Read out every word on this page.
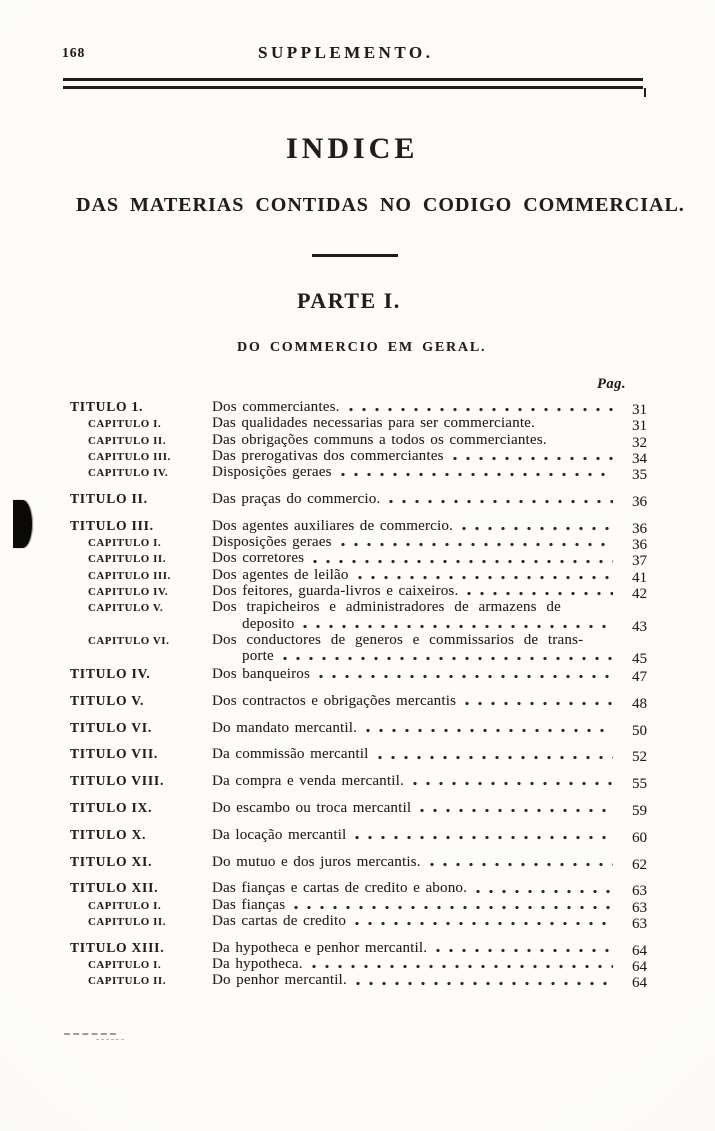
168	SUPPLEMENTO.
INDICE
DAS MATERIAS CONTIDAS NO CODIGO COMMERCIAL.
PARTE I.
DO COMMERCIO EM GERAL.
Pag.
TITULO 1.	Dos commerciantes.	31
CAPITULO I.	Das qualidades necessarias para ser commerciante.	31
CAPITULO II.	Das obrigações communs a todos os commerciantes.	32
CAPITULO III.	Das prerogativas dos commerciantes	34
CAPITULO IV.	Disposições geraes	35
TITULO II.	Das praças do commercio.	36
TITULO III.	Dos agentes auxiliares de commercio.	36
CAPITULO I.	Disposições geraes	36
CAPITULO II.	Dos corretores	37
CAPITULO III.	Dos agentes de leilão	41
CAPITULO IV.	Dos feitores, guarda-livros e caixeiros.	42
CAPITULO V.	Dos trapicheiros e administradores de armazens de
deposito	43
CAPITULO VI.	Dos conductores de generos e commissarios de trans-
porte	45
TITULO IV.	Dos banqueiros	47
TITULO V.	Dos contractos e obrigações mercantis	48
TITULO VI.	Do mandato mercantil.	50
TITULO VII.	Da commissão mercantil	52
TITULO VIII.	Da compra e venda mercantil.	55
TITULO IX.	Do escambo ou troca mercantil	59
TITULO X.	Da locação mercantil	60
TITULO XI.	Do mutuo e dos juros mercantis.	62
TITULO XII.	Das fianças e cartas de credito e abono.	63
CAPITULO I.	Das fianças	63
CAPITULO II.	Das cartas de credito	63
TITULO XIII.	Da hypotheca e penhor mercantil.	64
CAPITULO I.	Da hypotheca.	64
CAPITULO II.	Do penhor mercantil.	64
